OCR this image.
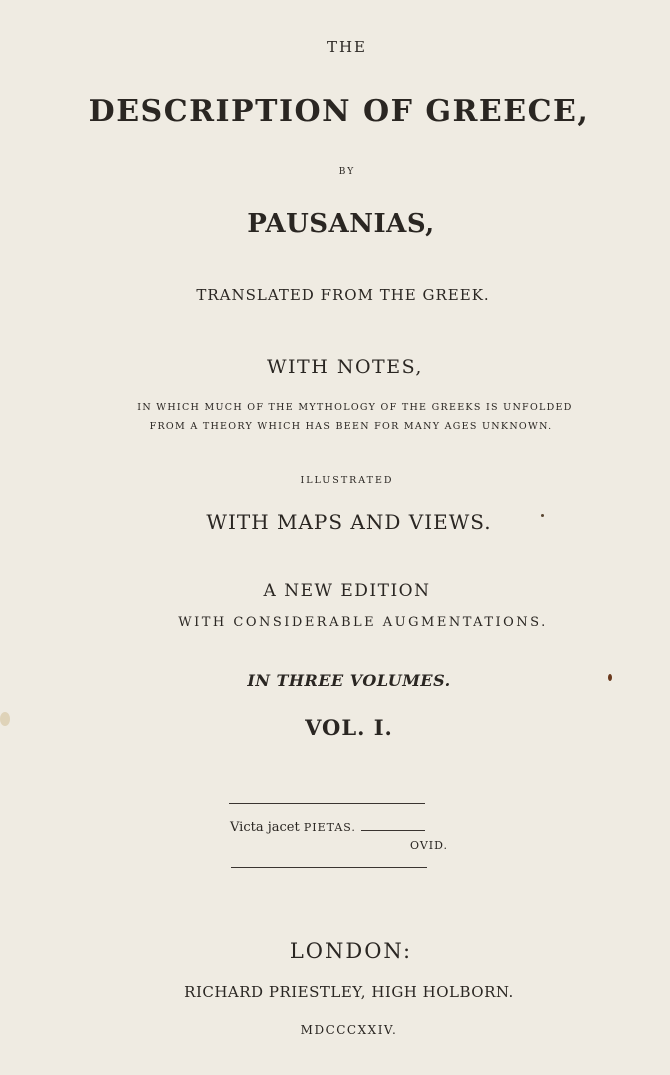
THE
DESCRIPTION OF GREECE,
BY
PAUSANIAS,
TRANSLATED FROM THE GREEK.
WITH NOTES,
IN WHICH MUCH OF THE MYTHOLOGY OF THE GREEKS IS UNFOLDED
FROM A THEORY WHICH HAS BEEN FOR MANY AGES UNKNOWN.
ILLUSTRATED
WITH MAPS AND VIEWS.
A NEW EDITION
WITH CONSIDERABLE AUGMENTATIONS.
IN THREE VOLUMES.
VOL. I.
Victa jacet PIETAS.
OVID.
LONDON:
RICHARD PRIESTLEY, HIGH HOLBORN.
MDCCCXXIV.
